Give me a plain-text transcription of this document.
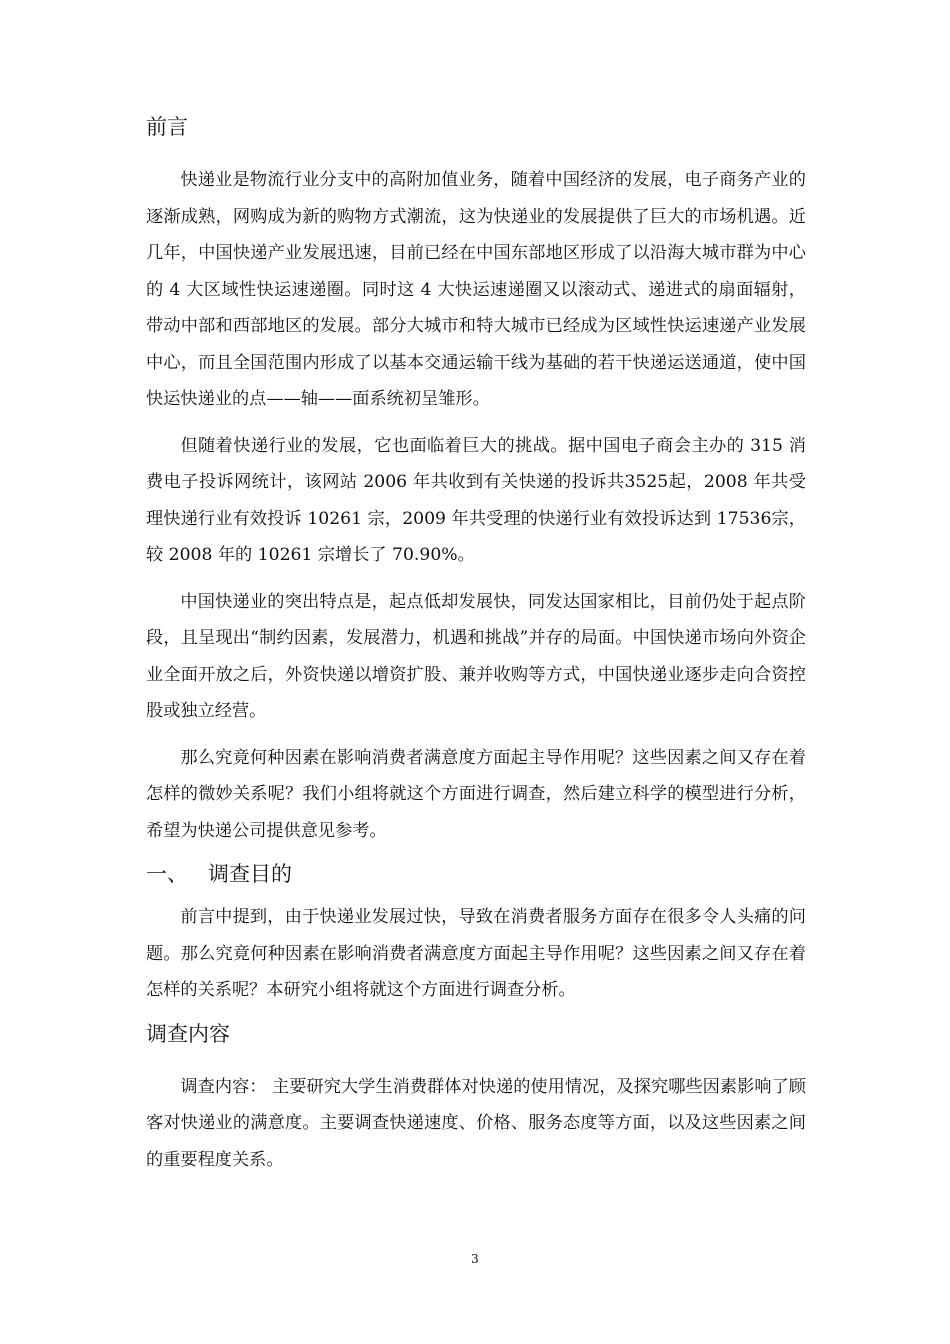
前言

快递业是物流行业分支中的高附加值业务，随着中国经济的发展，电子商务产业的逐渐成熟，网购成为新的购物方式潮流，这为快递业的发展提供了巨大的市场机遇。近几年，中国快递产业发展迅速，目前已经在中国东部地区形成了以沿海大城市群为中心的 4 大区域性快运速递圈。同时这 4 大快运速递圈又以滚动式、递进式的扇面辐射，带动中部和西部地区的发展。部分大城市和特大城市已经成为区域性快运速递产业发展中心，而且全国范围内形成了以基本交通运输干线为基础的若干快递运送通道，使中国快运快递业的点——轴——面系统初呈雏形。

但随着快递行业的发展，它也面临着巨大的挑战。据中国电子商会主办的 315 消费电子投诉网统计，该网站 2006 年共收到有关快递的投诉共3525起，2008 年共受理快递行业有效投诉 10261 宗，2009 年共受理的快递行业有效投诉达到 17536宗，较 2008 年的 10261 宗增长了 70.90%。

中国快递业的突出特点是，起点低却发展快，同发达国家相比，目前仍处于起点阶段，且呈现出“制约因素，发展潜力，机遇和挑战”并存的局面。中国快递市场向外资企业全面开放之后，外资快递以增资扩股、兼并收购等方式，中国快递业逐步走向合资控股或独立经营。

那么究竟何种因素在影响消费者满意度方面起主导作用呢？这些因素之间又存在着怎样的微妙关系呢？我们小组将就这个方面进行调查，然后建立科学的模型进行分析，希望为快递公司提供意见参考。

一、   调查目的

前言中提到，由于快递业发展过快，导致在消费者服务方面存在很多令人头痛的问题。那么究竟何种因素在影响消费者满意度方面起主导作用呢？这些因素之间又存在着怎样的关系呢？本研究小组将就这个方面进行调查分析。

调查内容

调查内容： 主要研究大学生消费群体对快递的使用情况，及探究哪些因素影响了顾客对快递业的满意度。主要调查快递速度、价格、服务态度等方面，以及这些因素之间的重要程度关系。

3
